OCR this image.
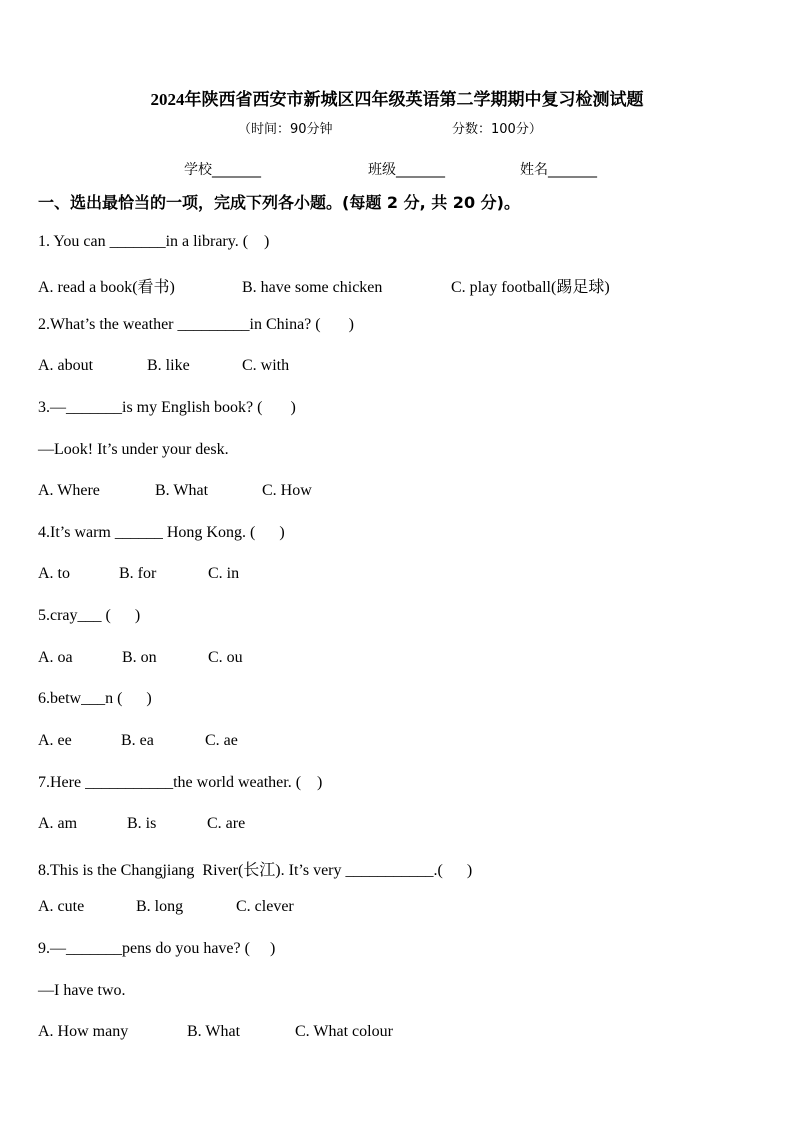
2024年陕西省西安市新城区四年级英语第二学期期中复习检测试题
（时间：90分钟	分数：100分）
学校_______	班级_______	姓名_______
一、选出最恰当的一项，完成下列各小题。(每题 2 分, 共 20 分)。
1. You can _______in a library. (    )
A. read a book(看书)	B. have some chicken	C. play football(踢足球)
2.What’s the weather _________in China? (       )
A. about	B. like	C. with
3.—_______is my English book? (       )
—Look! It’s under your desk.
A. Where	B. What	C. How
4.It’s warm ______ Hong Kong. (      )
A. to	B. for	C. in
5.cray___ (      )
A. oa	B. on	C. ou
6.betw___n (      )
A. ee	B. ea	C. ae
7.Here ___________the world weather. (    )
A. am	B. is	C. are
8.This is the Changjiang  River(长江). It’s very ___________.(      )
A. cute	B. long	C. clever
9.—_______pens do you have? (     )
—I have two.
A. How many	B. What	C. What colour
